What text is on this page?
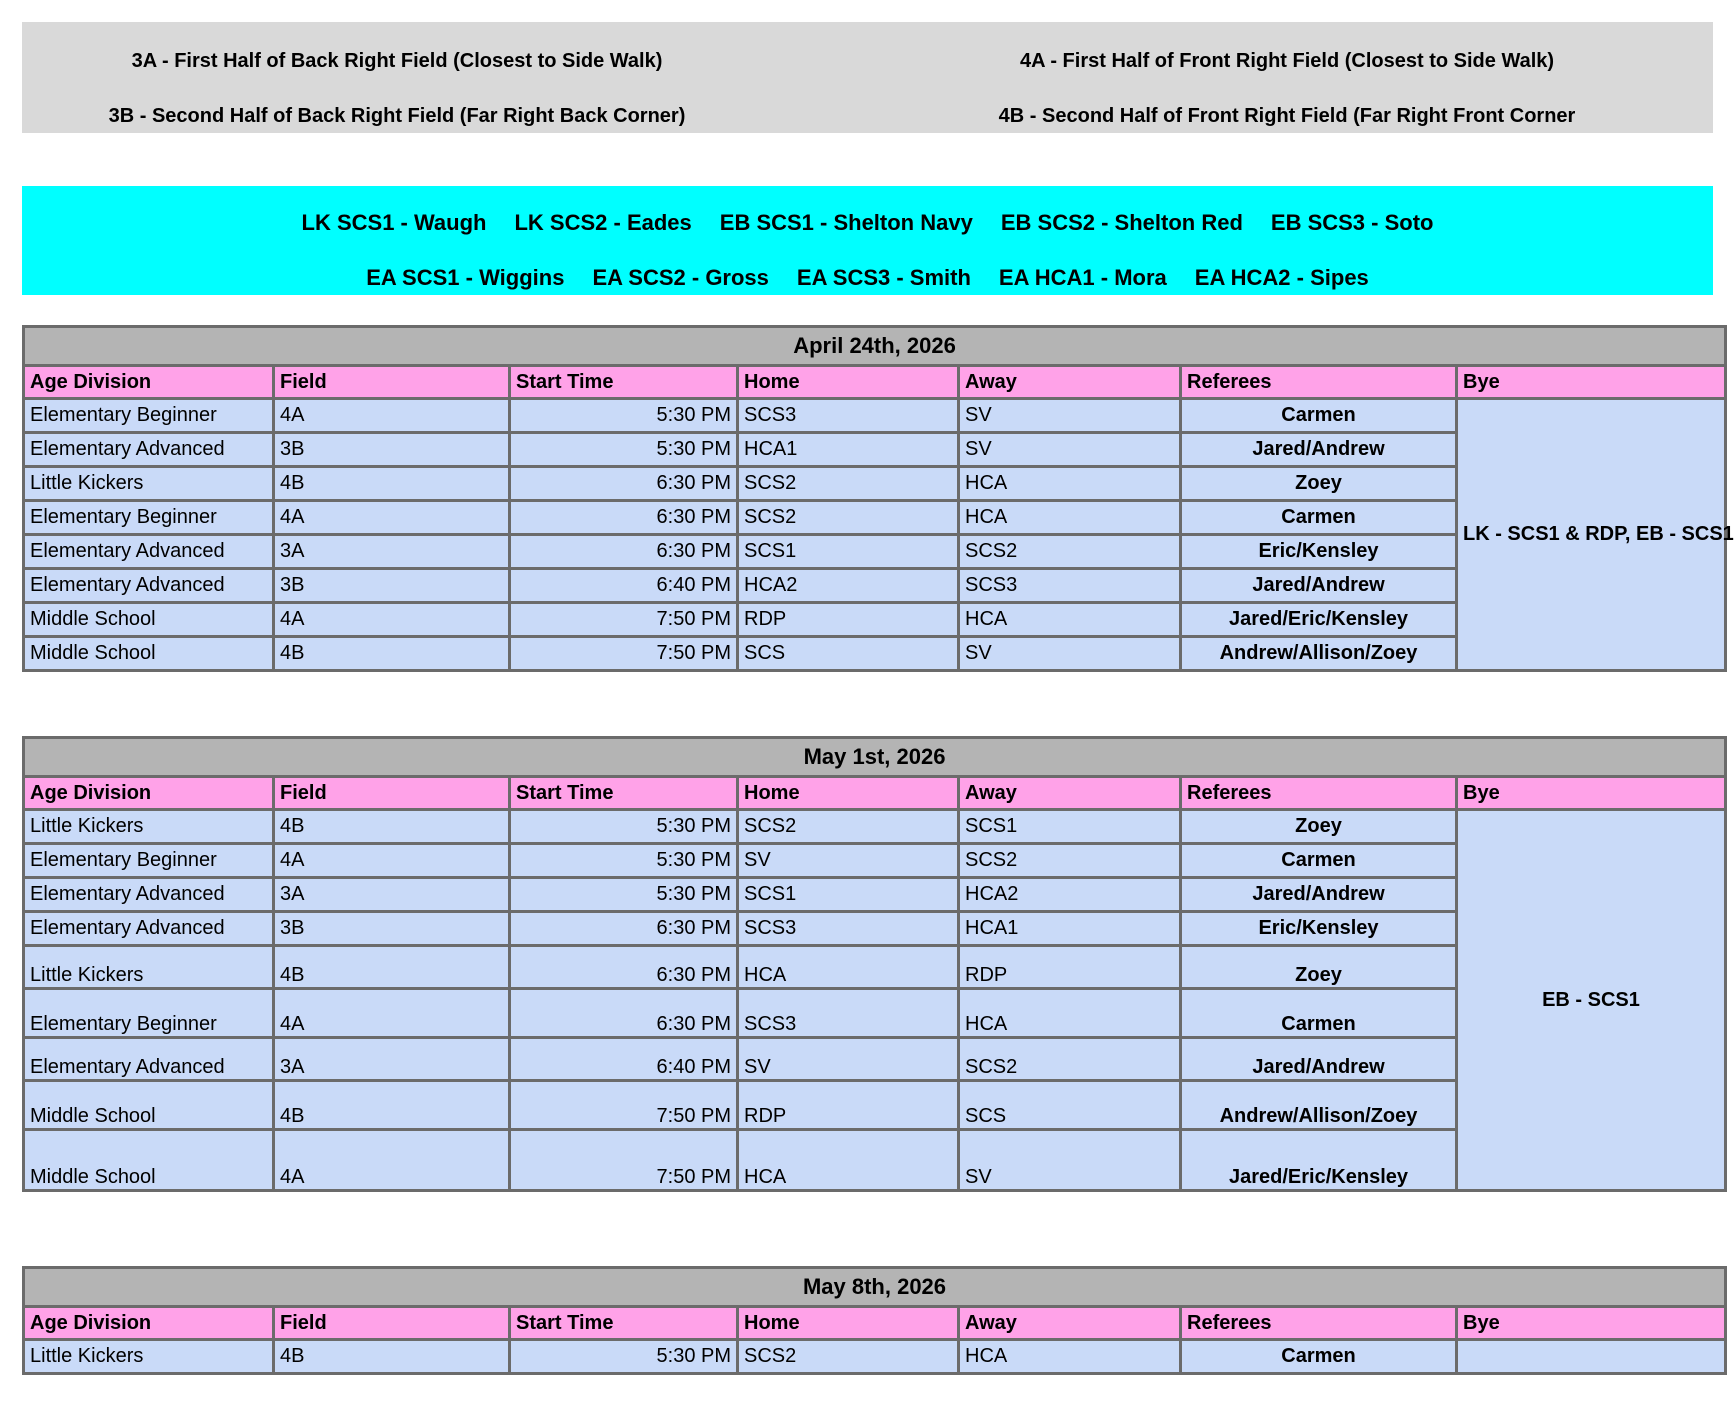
3A - First Half of Back Right Field (Closest to Side Walk)
3B - Second Half of Back Right Field (Far Right Back Corner)
4A - First Half of Front Right Field (Closest to Side Walk)
4B - Second Half of Front Right Field (Far Right Front Corner
LK SCS1 - Waugh LK SCS2 - Eades EB SCS1 - Shelton Navy EB SCS2 - Shelton Red EB SCS3 - Soto
EA SCS1 - Wiggins EA SCS2 - Gross EA SCS3 - Smith EA HCA1 - Mora EA HCA2 - Sipes
April 24th, 2026						
Age Division	Field	Start Time	Home	Away	Referees	Bye
Elementary Beginner	4A	5:30 PM	SCS3	SV	Carmen	LK - SCS1 & RDP, EB - SCS1
Elementary Advanced	3B	5:30 PM	HCA1	SV	Jared/Andrew	
Little Kickers	4B	6:30 PM	SCS2	HCA	Zoey	
Elementary Beginner	4A	6:30 PM	SCS2	HCA	Carmen	
Elementary Advanced	3A	6:30 PM	SCS1	SCS2	Eric/Kensley	
Elementary Advanced	3B	6:40 PM	HCA2	SCS3	Jared/Andrew	
Middle School	4A	7:50 PM	RDP	HCA	Jared/Eric/Kensley	
Middle School	4B	7:50 PM	SCS	SV	Andrew/Allison/Zoey	
May 1st, 2026						
Age Division	Field	Start Time	Home	Away	Referees	Bye
Little Kickers	4B	5:30 PM	SCS2	SCS1	Zoey	EB - SCS1
Elementary Beginner	4A	5:30 PM	SV	SCS2	Carmen	
Elementary Advanced	3A	5:30 PM	SCS1	HCA2	Jared/Andrew	
Elementary Advanced	3B	6:30 PM	SCS3	HCA1	Eric/Kensley	
Little Kickers	4B	6:30 PM	HCA	RDP	Zoey	
Elementary Beginner	4A	6:30 PM	SCS3	HCA	Carmen	
Elementary Advanced	3A	6:40 PM	SV	SCS2	Jared/Andrew	
Middle School	4B	7:50 PM	RDP	SCS	Andrew/Allison/Zoey	
Middle School	4A	7:50 PM	HCA	SV	Jared/Eric/Kensley	
May 8th, 2026						
Age Division	Field	Start Time	Home	Away	Referees	Bye
Little Kickers	4B	5:30 PM	SCS2	HCA	Carmen	
